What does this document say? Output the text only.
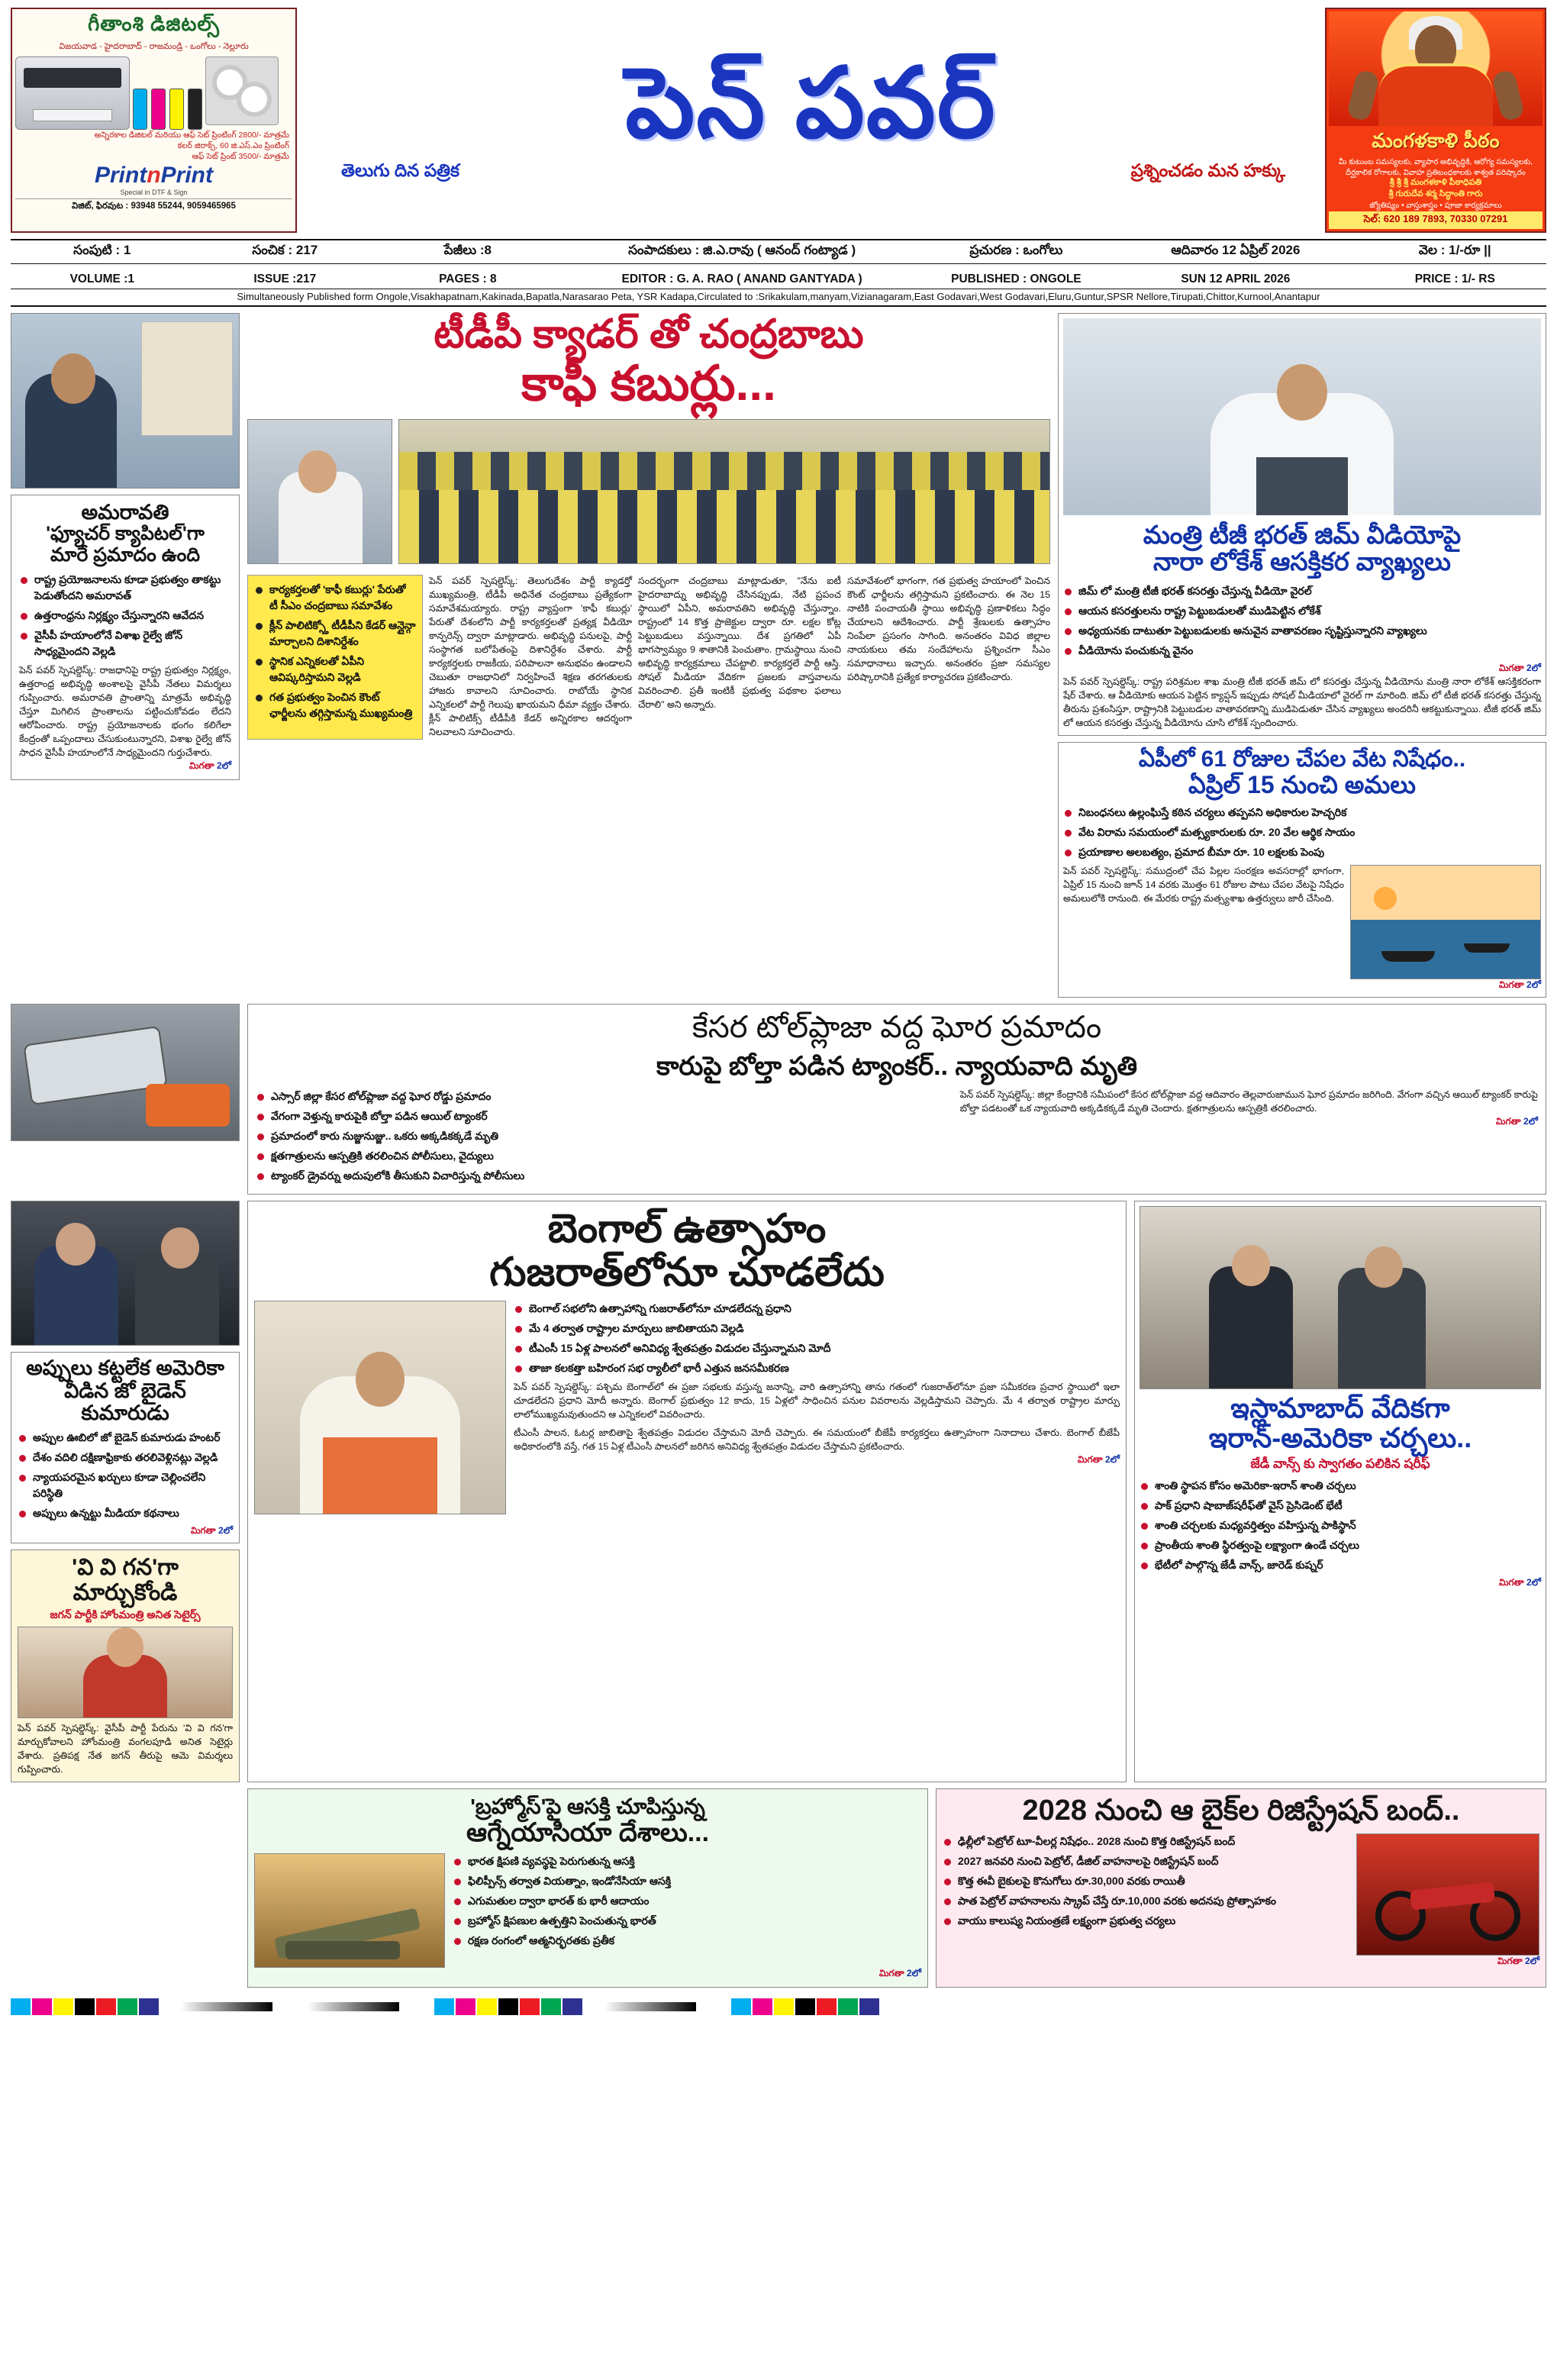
గీతాంశి డిజిటల్స్
విజయవాడ - హైదరాబాద్ - రాజమండ్రి - ఒంగోలు - నెల్లూరు
అన్నిరకాల డిజిటల్ మరియు ఆఫ్ సెట్ ప్రింటింగ్ 2800/- మాత్రమే
కలర్ జిరాక్స్, 60 జి.ఎస్.ఎం ప్రింటింగ్
ఆఫ్ సెట్ ప్రింట్ 3500/- మాత్రమే
PrintnPrint
Special in DTF & Sign
విజిట్, ఫిరవుట : 93948 55244, 9059465965
పెన్ పవర్
తెలుగు దిన పత్రిక	ప్రశ్నించడం మన హక్కు
మంగళకాళి పీఠం
మీ కుటుంబ సమస్యలకు, వ్యాపార అభివృద్ధికి, ఆరోగ్య సమస్యలకు,
దీర్ఘకాలిక రోగాలకు, వివాహ ప్రతిబంధకాలకు శాశ్వత పరిష్కారం
శ్రీ శ్రీ శ్రీ మంగళకాళి పీఠాధిపతి
శ్రీ గురుదేవ శర్మ సిద్ధాంతి గారు
జ్యోతిష్యం • వాస్తుశాస్త్రం • పూజా కార్యక్రమాలు
సెల్: 620 189 7893, 70330 07291
సంపుటి : 1	సంచిక : 217	పేజీలు :8	సంపాదకులు : జి.ఎ.రావు ( ఆనంద్ గంట్యాడ )	ప్రచురణ : ఒంగోలు	ఆదివారం 12 ఏప్రిల్ 2026	వెల : 1/-రూ ||
VOLUME :1	ISSUE :217	PAGES : 8	EDITOR : G. A. RAO ( ANAND GANTYADA )	PUBLISHED : ONGOLE	SUN 12 APRIL 2026	PRICE : 1/- RS
Simultaneously Published form Ongole,Visakhapatnam,Kakinada,Bapatla,Narasarao Peta, YSR Kadapa,Circulated to :Srikakulam,manyam,Vizianagaram,East Godavari,West Godavari,Eluru,Guntur,SPSR Nellore,Tirupati,Chittor,Kurnool,Anantapur
అమరావతి
'ఫ్యూచర్ క్యాపిటల్'గా
మారే ప్రమాదం ఉంది
రాష్ట్ర ప్రయోజనాలను కూడా ప్రభుత్వం తాకట్టు పెడుతోందని అమరావత్
ఉత్తరాంధ్రను నిర్లక్ష్యం చేస్తున్నారని ఆవేదన
వైసీపీ హయాంలోనే విశాఖ రైల్వే జోన్ సాధ్యమైందని వెల్లడి
పెన్ పవర్ స్పెషల్డెస్క్: రాజధానిపై రాష్ట్ర ప్రభుత్వం నిర్లక్ష్యం, ఉత్తరాంధ్ర అభివృద్ధి అంశాలపై వైసీపీ నేతలు విమర్శలు గుప్పించారు. అమరావతి ప్రాంతాన్ని మాత్రమే అభివృద్ధి చేస్తూ మిగిలిన ప్రాంతాలను పట్టించుకోవడం లేదని ఆరోపించారు. రాష్ట్ర ప్రయోజనాలకు భంగం కలిగేలా కేంద్రంతో ఒప్పందాలు చేసుకుంటున్నారని, విశాఖ రైల్వే జోన్ సాధన వైసీపీ హయాంలోనే సాధ్యమైందని గుర్తుచేశారు.
మిగతా 2లో
టీడీపీ క్యాడర్ తో చంద్రబాబు
కాఫీ కబుర్లు...
కార్యకర్తలతో 'కాఫీ కబుర్లు' పేరుతో టీ సీఎం చంద్రబాబు సమావేశం
క్లీన్ పాలిటిక్స్తో టీడీపీని కేడర్ ఆన్లైన్గా మార్చాలని దిశానిర్దేశం
స్థానిక ఎన్నికలతో ఏపీని ఆవిష్కరిస్తామని వెల్లడి
గత ప్రభుత్వం పెంచిన కౌంట్ ఛార్జీలను తగ్గిస్తామన్న ముఖ్యమంత్రి
పెన్ పవర్ స్పెషల్డెస్క్: తెలుగుదేశం పార్టీ క్యాడర్తో ముఖ్యమంత్రి, టీడీపీ అధినేత చంద్రబాబు ప్రత్యేకంగా సమావేశమయ్యారు. రాష్ట్ర వ్యాప్తంగా 'కాఫీ కబుర్లు' పేరుతో దేశంలోని పార్టీ కార్యకర్తలతో ప్రత్యక్ష వీడియో కాన్ఫరెన్స్ ద్వారా మాట్లాడారు. అభివృద్ధి పనులపై, పార్టీ సంస్థాగత బలోపేతంపై దిశానిర్దేశం చేశారు. పార్టీ కార్యకర్తలకు రాజకీయ, పరిపాలనా అనుభవం ఉండాలని చెబుతూ రాజధానిలో నిర్వహించే శిక్షణ తరగతులకు హాజరు కావాలని సూచించారు. రాబోయే స్థానిక ఎన్నికలలో పార్టీ గెలుపు ఖాయమని ధీమా వ్యక్తం చేశారు. క్లీన్ పాలిటిక్స్ టీడీపీకి కేడర్ అన్నిరకాల ఆదర్శంగా నిలవాలని సూచించారు.
సందర్భంగా చంద్రబాబు మాట్లాడుతూ, "నేను ఐటీ హైదరాబాద్ను అభివృద్ధి చేసినప్పుడు, నేటి ప్రపంచ స్థాయిలో ఏపీని, అమరావతిని అభివృద్ధి చేస్తున్నాం. రాష్ట్రంలో 14 కొత్త ప్రాజెక్టుల ద్వారా రూ. లక్షల కోట్ల పెట్టుబడులు వస్తున్నాయి. దేశ ప్రగతిలో ఏపీ భాగస్వామ్యం 9 శాతానికి పెంచుతాం. గ్రామస్థాయి నుంచి అభివృద్ధి కార్యక్రమాలు చేపట్టాలి. కార్యకర్తలే పార్టీ ఆస్తి. సోషల్ మీడియా వేదికగా ప్రజలకు వాస్తవాలను వివరించాలి. ప్రతీ ఇంటికీ ప్రభుత్వ పథకాల ఫలాలు చేరాలి" అని అన్నారు.
సమావేశంలో భాగంగా, గత ప్రభుత్వ హయాంలో పెంచిన కౌంట్ ఛార్జీలను తగ్గిస్తామని ప్రకటించారు. ఈ నెల 15 నాటికి పంచాయతీ స్థాయి అభివృద్ధి ప్రణాళికలు సిద్ధం చేయాలని ఆదేశించారు. పార్టీ శ్రేణులకు ఉత్సాహం నింపేలా ప్రసంగం సాగింది. అనంతరం వివిధ జిల్లాల నాయకులు తమ సందేహాలను ప్రశ్నించగా సీఎం సమాధానాలు ఇచ్చారు. అనంతరం ప్రజా సమస్యల పరిష్కారానికి ప్రత్యేక కార్యాచరణ ప్రకటించారు.
మంత్రి టీజీ భరత్ జిమ్ వీడియోపై
నారా లోకేశ్ ఆసక్తికర వ్యాఖ్యలు
జిమ్ లో మంత్రి టీజీ భరత్ కసరత్తు చేస్తున్న వీడియో వైరల్
ఆయన కసరత్తులను రాష్ట్ర పెట్టుబడులతో ముడిపెట్టిన లోకేశ్
అధ్యయనకు దాటుతూ పెట్టుబడులకు అనువైన వాతావరణం సృష్టిస్తున్నారని వ్యాఖ్యలు
వీడియోను పంచుకున్న వైనం
మిగతా 2లో
పెన్ పవర్ స్పెషల్డెస్క్: రాష్ట్ర పరిశ్రమల శాఖ మంత్రి టీజీ భరత్ జిమ్ లో కసరత్తు చేస్తున్న వీడియోను మంత్రి నారా లోకేశ్ ఆసక్తికరంగా షేర్ చేశారు. ఆ వీడియోకు ఆయన పెట్టిన క్యాప్షన్ ఇప్పుడు సోషల్ మీడియాలో వైరల్ గా మారింది. జిమ్ లో టీజీ భరత్ కసరత్తు చేస్తున్న తీరును ప్రశంసిస్తూ, రాష్ట్రానికి పెట్టుబడుల వాతావరణాన్ని ముడిపెడుతూ చేసిన వ్యాఖ్యలు అందరినీ ఆకట్టుకున్నాయి. టీజీ భరత్ జిమ్ లో ఆయన కసరత్తు చేస్తున్న వీడియోను చూసి లోకేశ్ స్పందించారు.
ఏపీలో 61 రోజుల చేపల వేట నిషేధం..
ఏప్రిల్ 15 నుంచి అమలు
నిబంధనలు ఉల్లంఘిస్తే కఠిన చర్యలు తప్పవని అధికారుల హెచ్చరిక
వేట విరామ సమయంలో మత్స్యకారులకు రూ. 20 వేల ఆర్థిక సాయం
ప్రయాణాల అలబత్యం, ప్రమాద బీమా రూ. 10 లక్షలకు పెంపు
పెన్ పవర్ స్పెషల్డెస్క్: సముద్రంలో చేప పిల్లల సంరక్షణ అవసరాల్లో భాగంగా, ఏప్రిల్ 15 నుంచి జూన్ 14 వరకు మొత్తం 61 రోజుల పాటు చేపల వేటపై నిషేధం అమలులోకి రానుంది. ఈ మేరకు రాష్ట్ర మత్స్యశాఖ ఉత్తర్వులు జారీ చేసింది.
మిగతా 2లో
కేసర టోల్‌ప్లాజా వద్ద ఘోర ప్రమాదం
కారుపై బోల్తా పడిన ట్యాంకర్.. న్యాయవాది మృతి
ఎస్సార్ జిల్లా కేసర టోల్‌ప్లాజా వద్ద ఘోర రోడ్డు ప్రమాదం
వేగంగా వెళ్తున్న కారుపైకి బోల్తా పడిన ఆయిల్ ట్యాంకర్
ప్రమాదంలో కారు నుజ్జునుజ్జు.. ఒకరు అక్కడికక్కడే మృతి
క్షతగాత్రులను ఆస్పత్రికి తరలించిన పోలీసులు, వైద్యులు
ట్యాంకర్ డ్రైవర్ను అదుపులోకి తీసుకుని విచారిస్తున్న పోలీసులు
పెన్ పవర్ స్పెషల్డెస్క్: జిల్లా కేంద్రానికి సమీపంలో కేసర టోల్‌ప్లాజా వద్ద ఆదివారం తెల్లవారుజామున ఘోర ప్రమాదం జరిగింది. వేగంగా వచ్చిన ఆయిల్ ట్యాంకర్ కారుపై బోల్తా పడటంతో ఒక న్యాయవాది అక్కడికక్కడే మృతి చెందారు. క్షతగాత్రులను ఆస్పత్రికి తరలించారు.
మిగతా 2లో
అప్పులు కట్టలేక అమెరికా
వీడిన జో బైడెన్ కుమారుడు
అప్పుల ఊబిలో జో బైడెన్ కుమారుడు హంటర్
దేశం వదిలి దక్షిణాఫ్రికాకు తరలివెళ్లినట్లు వెల్లడి
న్యాయపరమైన ఖర్చులు కూడా చెల్లించలేని పరిస్థితి
అప్పులు ఉన్నట్టు మీడియా కథనాలు
మిగతా 2లో
'వి వి గన'గా
మార్చుకోండి
జగన్ పార్టీకి హోంమంత్రి అనిత సెటైర్స్
పెన్ పవర్ స్పెషల్డెస్క్: వైసీపీ పార్టీ పేరును 'వి వి గన'గా మార్చుకోవాలని హోంమంత్రి వంగలపూడి అనిత సెటైర్లు వేశారు. ప్రతిపక్ష నేత జగన్ తీరుపై ఆమె విమర్శలు గుప్పించారు.
బెంగాల్ ఉత్సాహం
గుజరాత్‌లోనూ చూడలేదు
బెంగాల్ సభలోని ఉత్సాహాన్ని గుజరాత్‌లోనూ చూడలేదన్న ప్రధాని
మే 4 తర్వాత రాష్ట్రాల మార్పులు జాబితాయని వెల్లడి
టీఎంసీ 15 ఏళ్ల పాలనలో అనివిధ్య శ్వేతపత్రం విడుదల చేస్తున్నామని మోదీ
తాజా కలకత్తా బహిరంగ సభ ర్యాలీలో భారీ ఎత్తున జనసమీకరణ
పెన్ పవర్ స్పెషల్డెస్క్: పశ్చిమ బెంగాల్‌లో ఈ ప్రజా సభలకు వస్తున్న జనాన్ని, వారి ఉత్సాహాన్ని తాను గతంలో గుజరాత్‌లోనూ ప్రజా సమీకరణ ప్రచార స్థాయిలో ఇలా చూడలేదని ప్రధాని మోదీ అన్నారు. బెంగాల్ ప్రభుత్వం 12 కాదు, 15 ఏళ్లలో సాధించిన పనుల వివరాలను వెల్లడిస్తామని చెప్పారు. మే 4 తర్వాత రాష్ట్రాల మార్పు లాలోముఖ్యమవుతుందని ఆ ఎన్నికలలో వివరించారు.
టీఎంసీ పాలన, ఓటర్ల జాబితాపై శ్వేతపత్రం విడుదల చేస్తామని మోదీ చెప్పారు. ఈ సమయంలో బీజేపీ కార్యకర్తలు ఉత్సాహంగా నినాదాలు చేశారు. బెంగాల్ బీజేపీ అధికారంలోకి వస్తే, గత 15 ఏళ్ల టీఎంసీ పాలనలో జరిగిన అనివిధ్య శ్వేతపత్రం విడుదల చేస్తామని ప్రకటించారు.
మిగతా 2లో
ఇస్లామాబాద్ వేదికగా
ఇరాన్-అమెరికా చర్చలు..
జేడీ వాన్స్ కు స్వాగతం పలికిన షరీఫ్
శాంతి స్థాపన కోసం అమెరికా-ఇరాన్ శాంతి చర్చలు
పాక్ ప్రధాని షాబాజ్‌షరీఫ్‌తో వైస్ ప్రెసిడెంట్ భేటీ
శాంతి చర్చలకు మధ్యవర్తిత్వం వహిస్తున్న పాకిస్థాన్
ప్రాంతీయ శాంతి స్థిరత్వంపై లక్ష్యాంగా ఉండే చర్చలు
భేటీలో పాల్గొన్న జేడీ వాన్స్, జారెడ్ కుష్నర్
మిగతా 2లో
'బ్రహ్మోస్'పై ఆసక్తి చూపిస్తున్న
ఆగ్నేయాసియా దేశాలు...
భారత క్షిపణి వ్యవస్థపై పెరుగుతున్న ఆసక్తి
ఫిలిప్పీన్స్ తర్వాత వియత్నాం, ఇండోనేసియా ఆసక్తి
ఎగుమతుల ద్వారా భారత్ కు భారీ ఆదాయం
బ్రహ్మోస్ క్షిపణుల ఉత్పత్తిని పెంచుతున్న భారత్
రక్షణ రంగంలో ఆత్మనిర్భరతకు ప్రతీక
మిగతా 2లో
2028 నుంచి ఆ బైక్‌ల రిజిస్ట్రేషన్ బంద్..
ఢిల్లీలో పెట్రోల్ టూ-వీలర్ల నిషేధం.. 2028 నుంచి కొత్త రిజిస్ట్రేషన్ బంద్
2027 జనవరి నుంచి పెట్రోల్, డీజిల్ వాహనాలపై రిజిస్ట్రేషన్ బంద్
కొత్త ఈవీ బైకులపై కొనుగోలు రూ.30,000 వరకు రాయితీ
పాత పెట్రోల్ వాహనాలను స్క్రాప్ చేస్తే రూ.10,000 వరకు అదనపు ప్రోత్సాహకం
వాయు కాలుష్య నియంత్రణే లక్ష్యంగా ప్రభుత్వ చర్యలు
మిగతా 2లో
